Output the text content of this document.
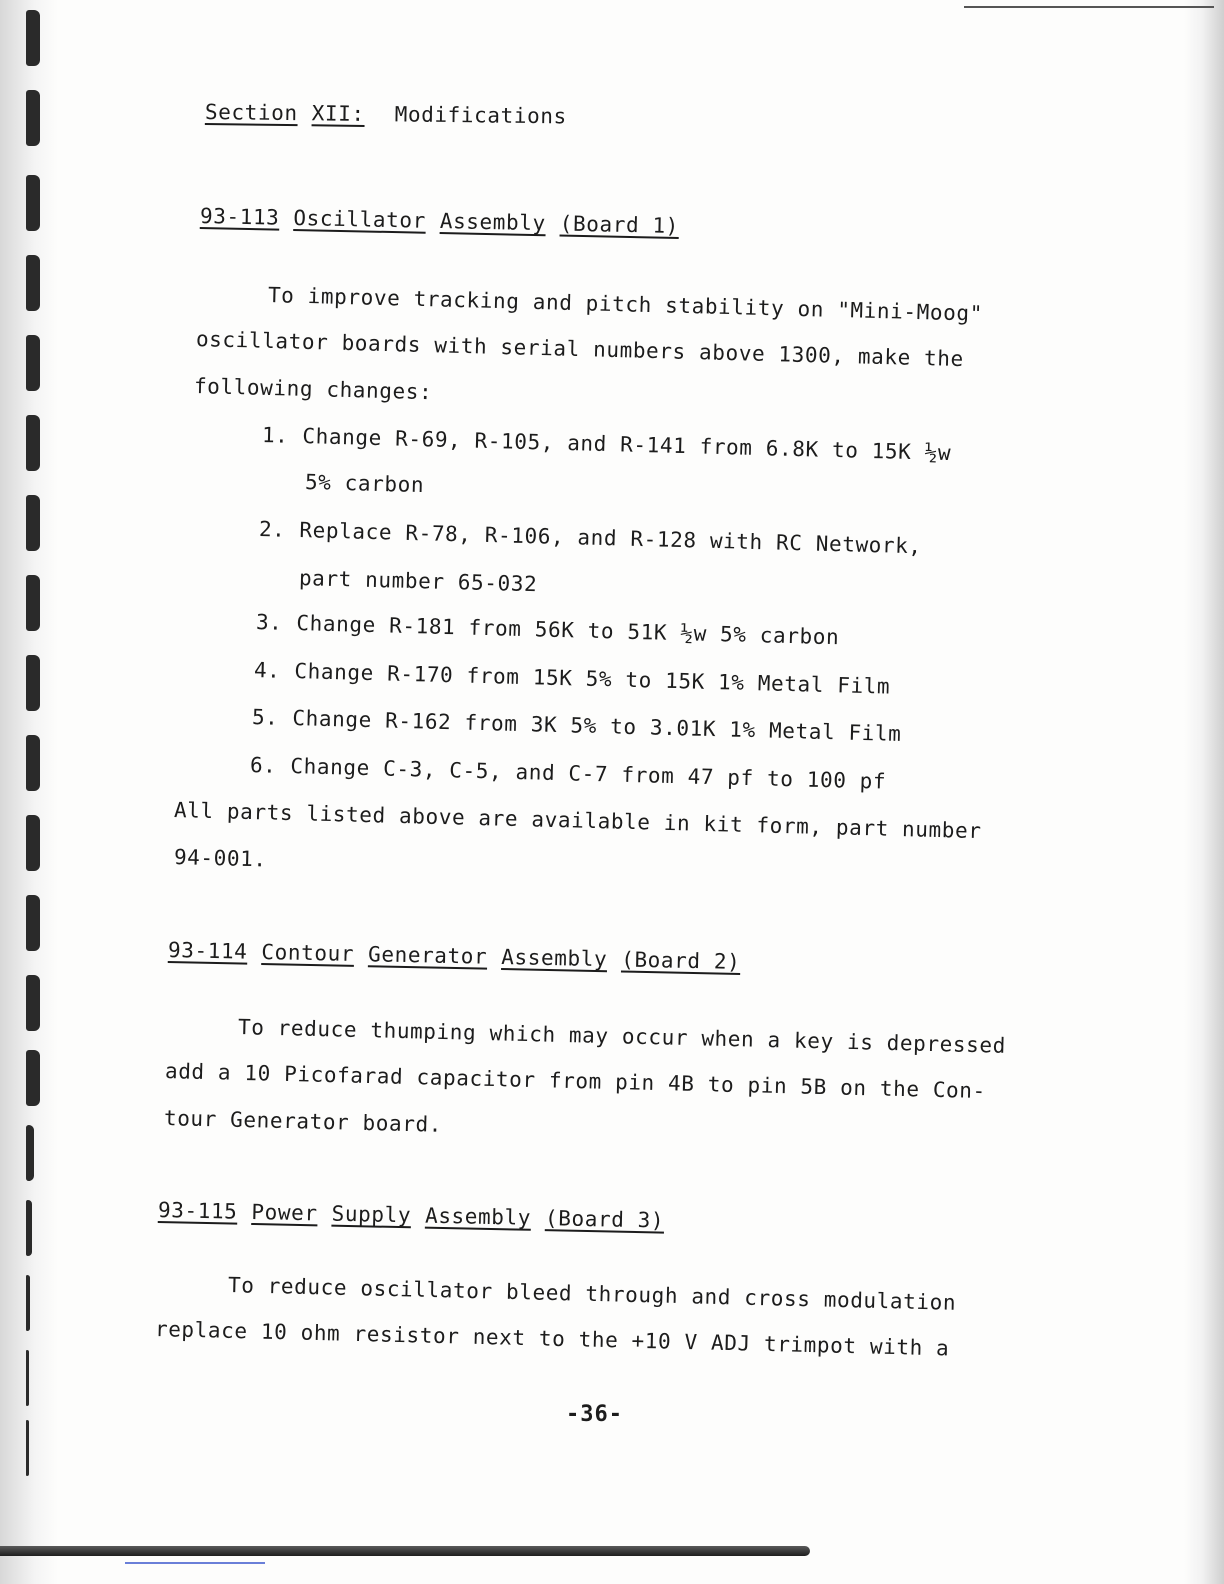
Section XII: Modifications
93-113 Oscillator Assembly (Board 1)
To improve tracking and pitch stability on "Mini-Moog"
oscillator boards with serial numbers above 1300, make the
following changes:
1. Change R-69, R-105, and R-141 from 6.8K to 15K ½w
5% carbon
2. Replace R-78, R-106, and R-128 with RC Network,
part number 65-032
3. Change R-181 from 56K to 51K ½w 5% carbon
4. Change R-170 from 15K 5% to 15K 1% Metal Film
5. Change R-162 from 3K 5% to 3.01K 1% Metal Film
6. Change C-3, C-5, and C-7 from 47 pf to 100 pf
All parts listed above are available in kit form, part number
94-001.
93-114 Contour Generator Assembly (Board 2)
To reduce thumping which may occur when a key is depressed
add a 10 Picofarad capacitor from pin 4B to pin 5B on the Con-
tour Generator board.
93-115 Power Supply Assembly (Board 3)
To reduce oscillator bleed through and cross modulation
replace 10 ohm resistor next to the +10 V ADJ trimpot with a
-36-
